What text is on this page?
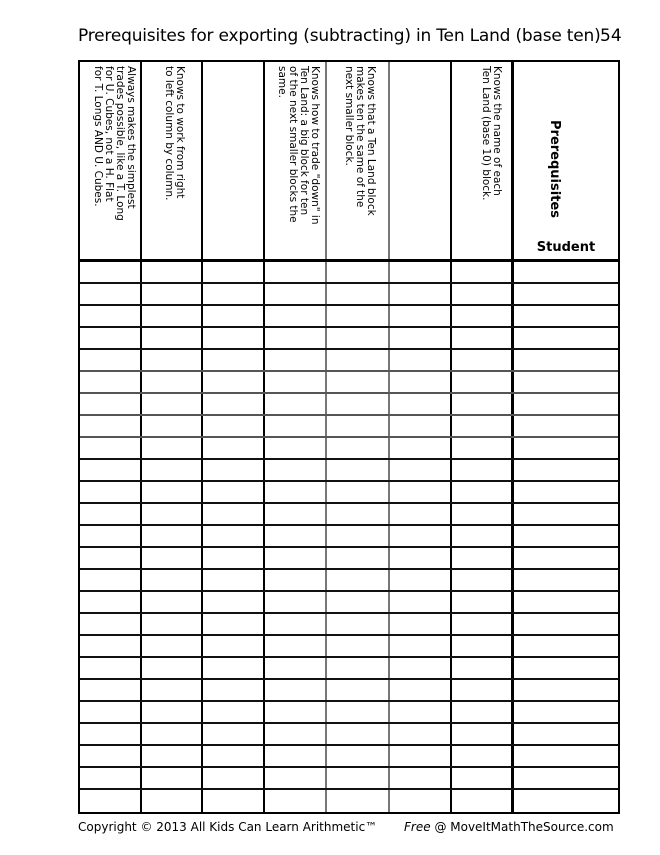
Prerequisites for exporting (subtracting) in Ten Land (base ten) 54
Always makes the simplest
trades possible, like a T. Long
for U. Cubes, not a H. Flat
for T. Longs AND U. Cubes.
Knows to work from right
to left column by column.
Knows how to trade "down" in
Ten Land: a big block for ten
of the next smaller blocks the
same.	Knows that a Ten Land block
makes ten the same of the
next smaller block.
Knows the name of each
Ten Land (base 10) block.	Prerequisites
Student
Copyright © 2013 All Kids Can Learn Arithmetic™ Free @ MoveItMathTheSource.com
